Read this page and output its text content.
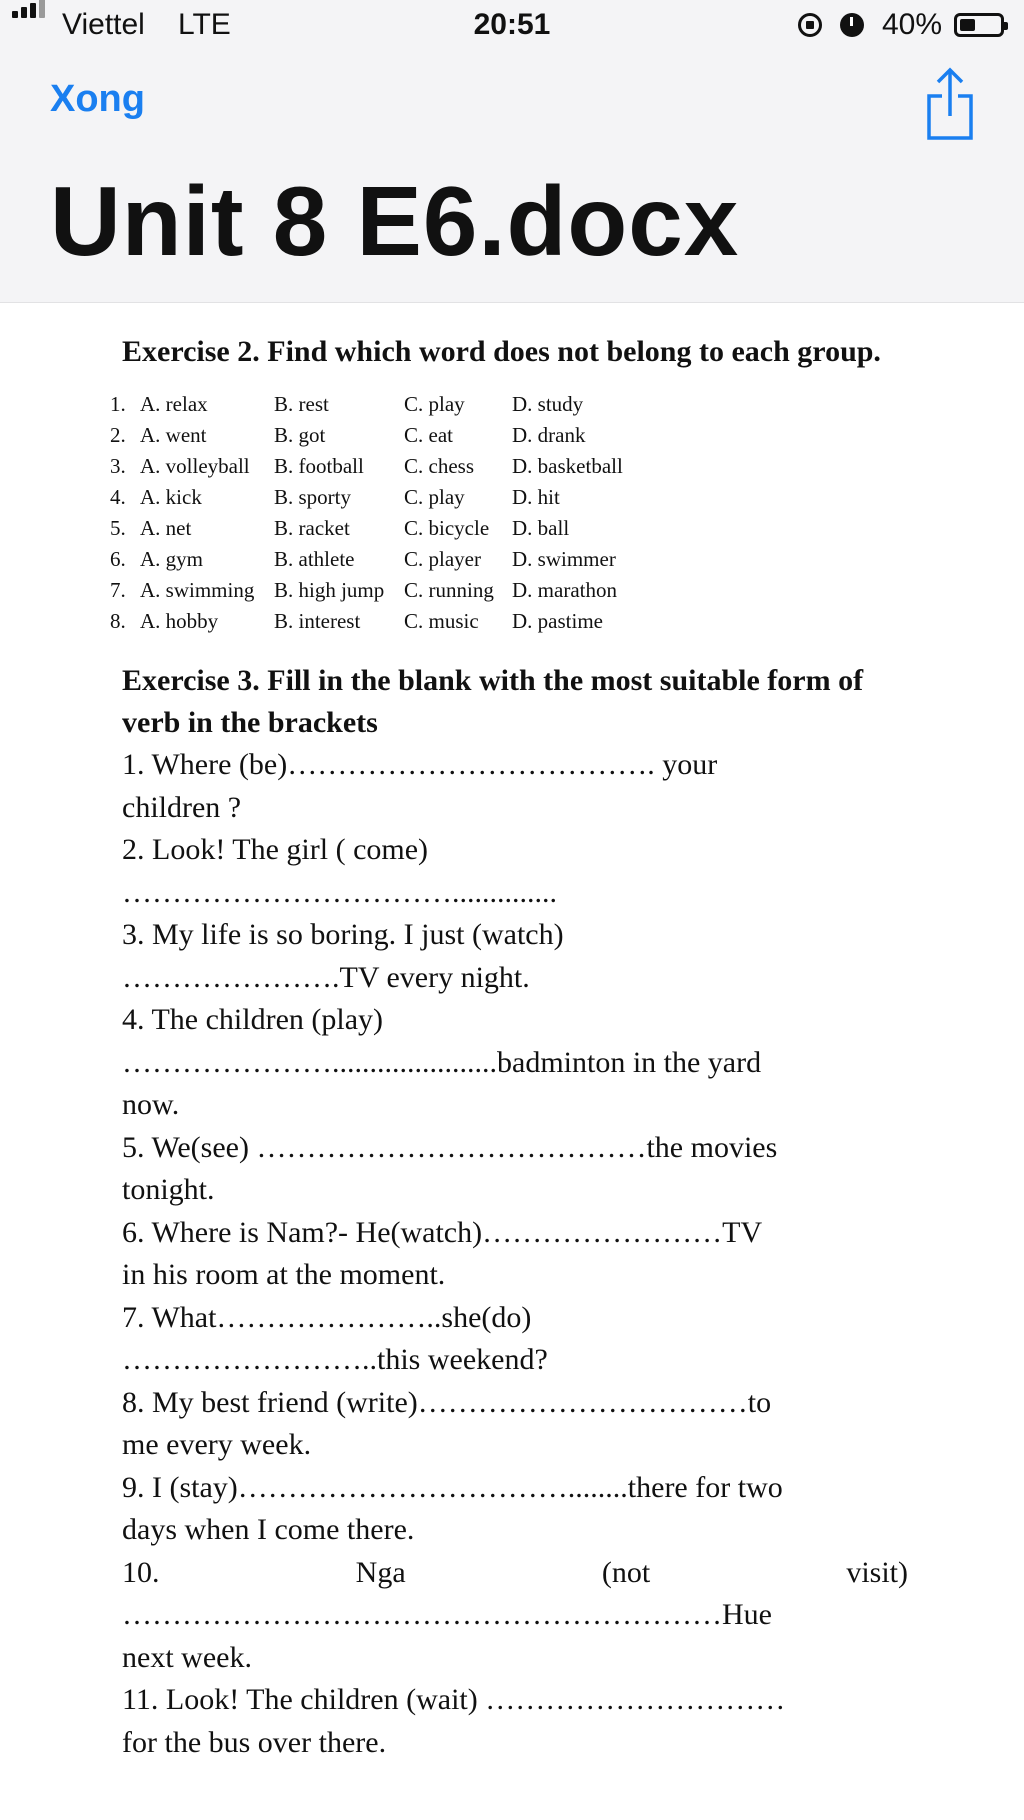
Viettel LTE	20:51	40%
Xong
Unit 8 E6.docx

Exercise 2. Find which word does not belong to each group.

1.	A. relax	B. rest	C. play	D. study
2.	A. went	B. got	C. eat	D. drank
3.	A. volleyball	B. football	C. chess	D. basketball
4.	A. kick	B. sporty	C. play	D. hit
5.	A. net	B. racket	C. bicycle	D. ball
6.	A. gym	B. athlete	C. player	D. swimmer
7.	A. swimming	B. high jump	C. running	D. marathon
8.	A. hobby	B. interest	C. music	D. pastime

Exercise 3. Fill in the blank with the most suitable form of verb in the brackets

1. Where (be)………………………………. your
children ?

2. Look! The girl ( come)
……………………………..............

3. My life is so boring. I just (watch)
………………….TV every night.

4. The children (play)
…………………......................badminton in the yard
now.

5. We(see) …………………………………the movies
tonight.

6. Where is Nam?- He(watch)……………………TV
in his room at the moment.

7. What…………………..she(do)
……………………..this weekend?

8. My best friend (write)……………………………to
me every week.

9. I (stay)……………………………........there for two
days when I come there.

10.	Nga	(not	visit)
……………………………………………………Hue
next week.

11. Look! The children (wait) …………………………
for the bus over there.
